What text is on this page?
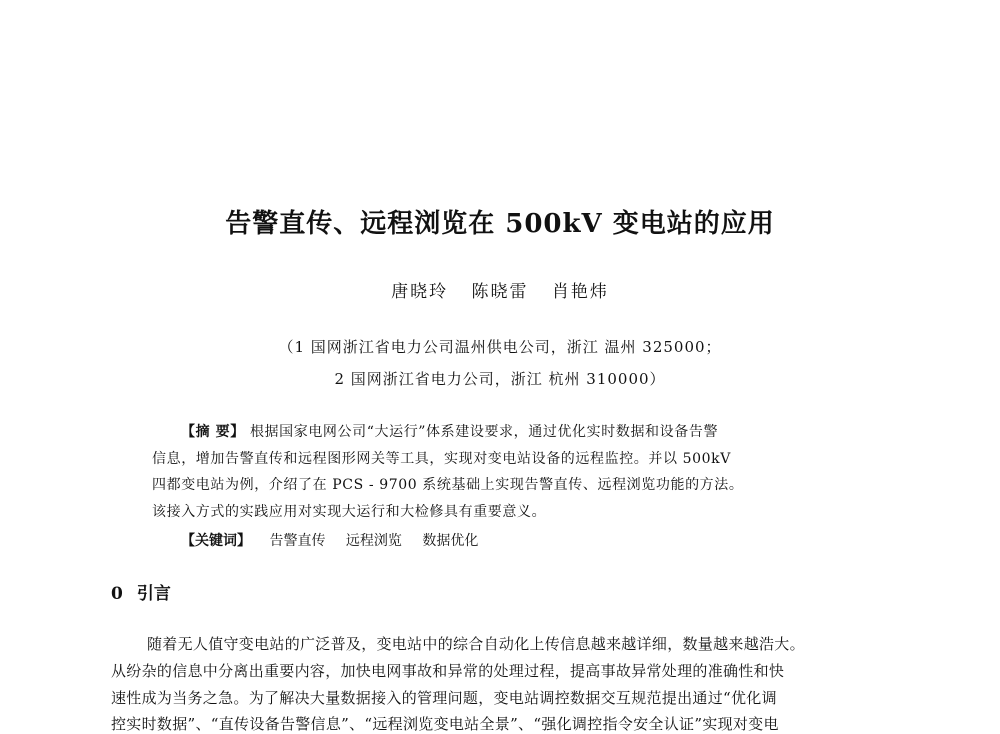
告警直传、远程浏览在 500kV 变电站的应用
唐晓玲 陈晓雷 肖艳炜
（1 国网浙江省电力公司温州供电公司，浙江 温州 325000；
2 国网浙江省电力公司，浙江 杭州 310000）
【摘 要】 根据国家电网公司“大运行”体系建设要求，通过优化实时数据和设备告警
信息，增加告警直传和远程图形网关等工具，实现对变电站设备的远程监控。并以 500kV
四都变电站为例，介绍了在 PCS - 9700 系统基础上实现告警直传、远程浏览功能的方法。
该接入方式的实践应用对实现大运行和大检修具有重要意义。
【关键词】 告警直传 远程浏览 数据优化
0 引言
随着无人值守变电站的广泛普及，变电站中的综合自动化上传信息越来越详细，数量越来越浩大。
从纷杂的信息中分离出重要内容，加快电网事故和异常的处理过程，提高事故异常处理的准确性和快
速性成为当务之急。为了解决大量数据接入的管理问题，变电站调控数据交互规范提出通过“优化调
控实时数据”、“直传设备告警信息”、“远程浏览变电站全景”、“强化调控指令安全认证”实现对变电
